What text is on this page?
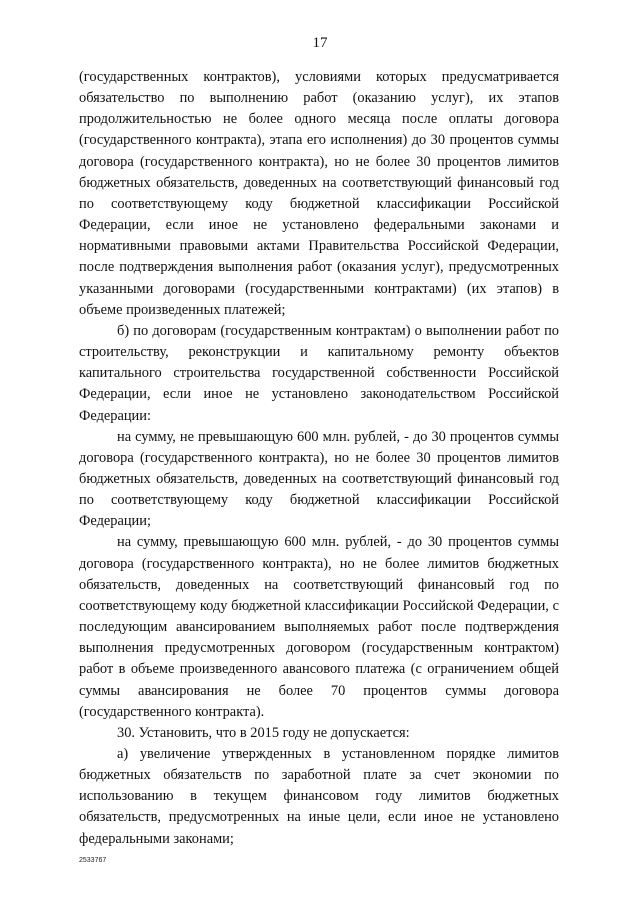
17

(государственных контрактов), условиями которых предусматривается обязательство по выполнению работ (оказанию услуг), их этапов продолжительностью не более одного месяца после оплаты договора (государственного контракта), этапа его исполнения) до 30 процентов суммы договора (государственного контракта), но не более 30 процентов лимитов бюджетных обязательств, доведенных на соответствующий финансовый год по соответствующему коду бюджетной классификации Российской Федерации, если иное не установлено федеральными законами и нормативными правовыми актами Правительства Российской Федерации, после подтверждения выполнения работ (оказания услуг), предусмотренных указанными договорами (государственными контрактами) (их этапов) в объеме произведенных платежей;

б) по договорам (государственным контрактам) о выполнении работ по строительству, реконструкции и капитальному ремонту объектов капитального строительства государственной собственности Российской Федерации, если иное не установлено законодательством Российской Федерации:

на сумму, не превышающую 600 млн. рублей, - до 30 процентов суммы договора (государственного контракта), но не более 30 процентов лимитов бюджетных обязательств, доведенных на соответствующий финансовый год по соответствующему коду бюджетной классификации Российской Федерации;

на сумму, превышающую 600 млн. рублей, - до 30 процентов суммы договора (государственного контракта), но не более лимитов бюджетных обязательств, доведенных на соответствующий финансовый год по соответствующему коду бюджетной классификации Российской Федерации, с последующим авансированием выполняемых работ после подтверждения выполнения предусмотренных договором (государственным контрактом) работ в объеме произведенного авансового платежа (с ограничением общей суммы авансирования не более 70 процентов суммы договора (государственного контракта).

30. Установить, что в 2015 году не допускается:

а) увеличение утвержденных в установленном порядке лимитов бюджетных обязательств по заработной плате за счет экономии по использованию в текущем финансовом году лимитов бюджетных обязательств, предусмотренных на иные цели, если иное не установлено федеральными законами;

2533767
